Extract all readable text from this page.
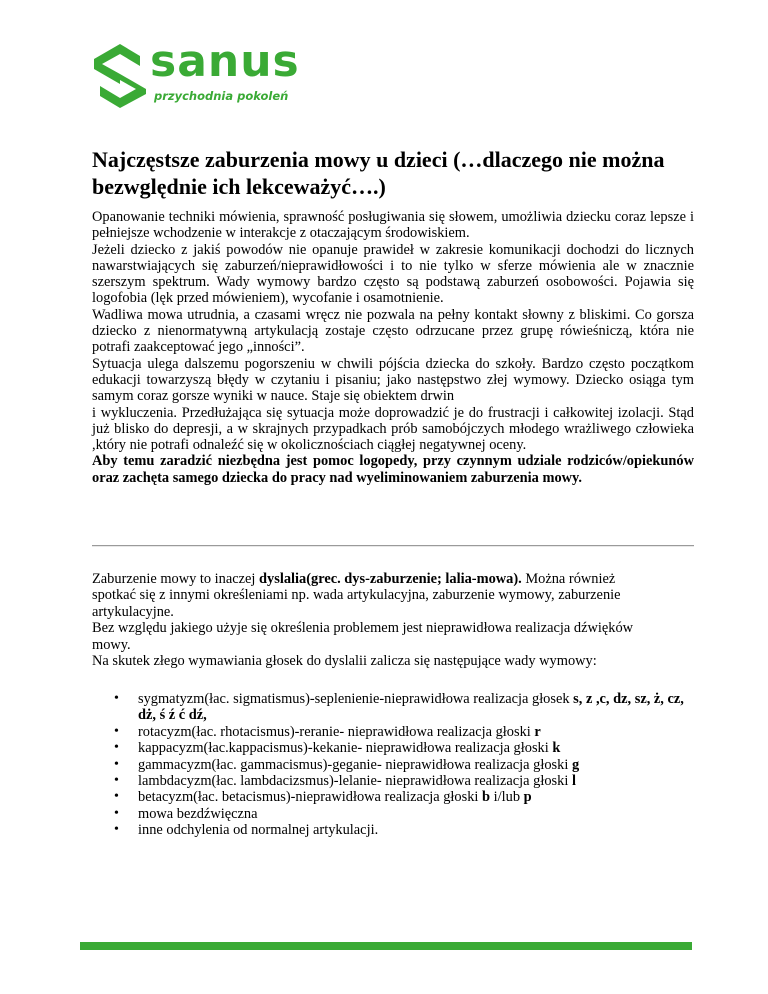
sanus
przychodnia pokoleń
Najczęstsze zaburzenia mowy u dzieci (…dlaczego nie można bezwględnie ich lekceważyć….)

Opanowanie techniki mówienia, sprawność posługiwania się słowem, umożliwia dziecku coraz lepsze i pełniejsze wchodzenie w interakcje z otaczającym środowiskiem.

Jeżeli dziecko z jakiś powodów nie opanuje prawideł w zakresie komunikacji dochodzi do licznych nawarstwiających się zaburzeń/nieprawidłowości i to nie tylko w sferze mówienia ale w znacznie szerszym spektrum. Wady wymowy bardzo często są podstawą zaburzeń osobowości. Pojawia się logofobia (lęk przed mówieniem), wycofanie i osamotnienie.

Wadliwa mowa utrudnia, a czasami wręcz nie pozwala na pełny kontakt słowny z bliskimi. Co gorsza dziecko z nienormatywną artykulacją zostaje często odrzucane przez grupę rówieśniczą, która nie potrafi zaakceptować jego „inności”.

Sytuacja ulega dalszemu pogorszeniu w chwili pójścia dziecka do szkoły. Bardzo często początkom edukacji towarzyszą błędy w czytaniu i pisaniu; jako następstwo złej wymowy. Dziecko osiąga tym samym coraz gorsze wyniki w nauce. Staje się obiektem drwin

i wykluczenia. Przedłużająca się sytuacja może doprowadzić je do frustracji i całkowitej izolacji. Stąd już blisko do depresji, a w skrajnych przypadkach prób samobójczych młodego wrażliwego człowieka ,który nie potrafi odnaleźć się w okolicznościach ciągłej negatywnej oceny.

Aby temu zaradzić niezbędna jest pomoc logopedy, przy czynnym udziale rodziców/opiekunów oraz zachęta samego dziecka do pracy nad wyeliminowaniem zaburzenia mowy.

Zaburzenie mowy to inaczej dyslalia(grec. dys-zaburzenie; lalia-mowa). Można również spotkać się z innymi określeniami np. wada artykulacyjna, zaburzenie wymowy, zaburzenie artykulacyjne.

Bez względu jakiego użyje się określenia problemem jest nieprawidłowa realizacja dźwięków mowy.

Na skutek złego wymawiania głosek do dyslalii zalicza się następujące wady wymowy:

• sygmatyzm(łac. sigmatismus)-seplenienie-nieprawidłowa realizacja głosek s, z ,c, dz, sz, ż, cz, dż, ś ź ć dź,
• rotacyzm(łac. rhotacismus)-reranie- nieprawidłowa realizacja głoski r
• kappacyzm(łac.kappacismus)-kekanie- nieprawidłowa realizacja głoski k
• gammacyzm(łac. gammacismus)-geganie- nieprawidłowa realizacja głoski g
• lambdacyzm(łac. lambdacizsmus)-lelanie- nieprawidłowa realizacja głoski l
• betacyzm(łac. betacismus)-nieprawidłowa realizacja głoski b i/lub p
• mowa bezdźwięczna
• inne odchylenia od normalnej artykulacji.
